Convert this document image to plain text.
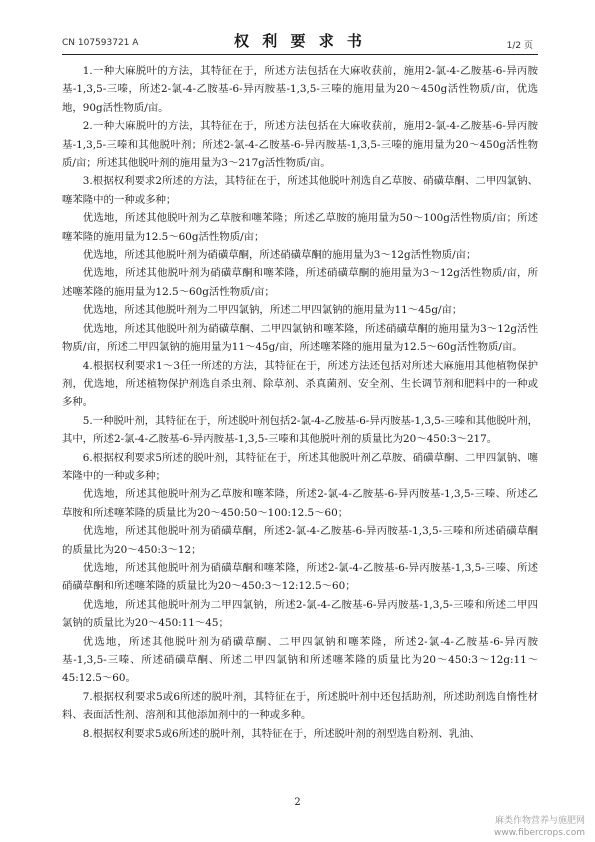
CN 107593721 A	权 利 要 求 书	1/2 页

1.一种大麻脱叶的方法，其特征在于，所述方法包括在大麻收获前，施用2-氯-4-乙胺基-6-异丙胺基-1,3,5-三嗪，所述2-氯-4-乙胺基-6-异丙胺基-1,3,5-三嗪的施用量为20～450g活性物质/亩，优选地，90g活性物质/亩。

2.一种大麻脱叶的方法，其特征在于，所述方法包括在大麻收获前，施用2-氯-4-乙胺基-6-异丙胺基-1,3,5-三嗪和其他脱叶剂；所述2-氯-4-乙胺基-6-异丙胺基-1,3,5-三嗪的施用量为20～450g活性物质/亩；所述其他脱叶剂的施用量为3～217g活性物质/亩。

3.根据权利要求2所述的方法，其特征在于，所述其他脱叶剂选自乙草胺、硝磺草酮、二甲四氯钠、噻苯隆中的一种或多种；

优选地，所述其他脱叶剂为乙草胺和噻苯隆；所述乙草胺的施用量为50～100g活性物质/亩；所述噻苯隆的施用量为12.5～60g活性物质/亩；

优选地，所述其他脱叶剂为硝磺草酮，所述硝磺草酮的施用量为3～12g活性物质/亩；

优选地，所述其他脱叶剂为硝磺草酮和噻苯隆，所述硝磺草酮的施用量为3～12g活性物质/亩，所述噻苯隆的施用量为12.5～60g活性物质/亩；

优选地，所述其他脱叶剂为二甲四氯钠，所述二甲四氯钠的施用量为11～45g/亩；

优选地，所述其他脱叶剂为硝磺草酮、二甲四氯钠和噻苯隆，所述硝磺草酮的施用量为3～12g活性物质/亩，所述二甲四氯钠的施用量为11～45g/亩，所述噻苯隆的施用量为12.5～60g活性物质/亩。

4.根据权利要求1～3任一所述的方法，其特征在于，所述方法还包括对所述大麻施用其他植物保护剂，优选地，所述植物保护剂选自杀虫剂、除草剂、杀真菌剂、安全剂、生长调节剂和肥料中的一种或多种。

5.一种脱叶剂，其特征在于，所述脱叶剂包括2-氯-4-乙胺基-6-异丙胺基-1,3,5-三嗪和其他脱叶剂，其中，所述2-氯-4-乙胺基-6-异丙胺基-1,3,5-三嗪和其他脱叶剂的质量比为20～450:3～217。

6.根据权利要求5所述的脱叶剂，其特征在于，所述其他脱叶剂乙草胺、硝磺草酮、二甲四氯钠、噻苯隆中的一种或多种；

优选地，所述其他脱叶剂为乙草胺和噻苯隆，所述2-氯-4-乙胺基-6-异丙胺基-1,3,5-三嗪、所述乙草胺和所述噻苯隆的质量比为20～450:50～100:12.5～60；

优选地，所述其他脱叶剂为硝磺草酮，所述2-氯-4-乙胺基-6-异丙胺基-1,3,5-三嗪和所述硝磺草酮的质量比为20～450:3～12；

优选地，所述其他脱叶剂为硝磺草酮和噻苯隆，所述2-氯-4-乙胺基-6-异丙胺基-1,3,5-三嗪、所述硝磺草酮和所述噻苯隆的质量比为20～450:3～12:12.5～60；

优选地，所述其他脱叶剂为二甲四氯钠，所述2-氯-4-乙胺基-6-异丙胺基-1,3,5-三嗪和所述二甲四氯钠的质量比为20～450:11～45；

优选地，所述其他脱叶剂为硝磺草酮、二甲四氯钠和噻苯隆，所述2-氯-4-乙胺基-6-异丙胺基-1,3,5-三嗪、所述硝磺草酮、所述二甲四氯钠和所述噻苯隆的质量比为20～450:3～12g:11～45:12.5～60。

7.根据权利要求5或6所述的脱叶剂，其特征在于，所述脱叶剂中还包括助剂，所述助剂选自惰性材料、表面活性剂、溶剂和其他添加剂中的一种或多种。

8.根据权利要求5或6所述的脱叶剂，其特征在于，所述脱叶剂的剂型选自粉剂、乳油、

2
麻类作物营养与施肥网
www.fibercrops.com
